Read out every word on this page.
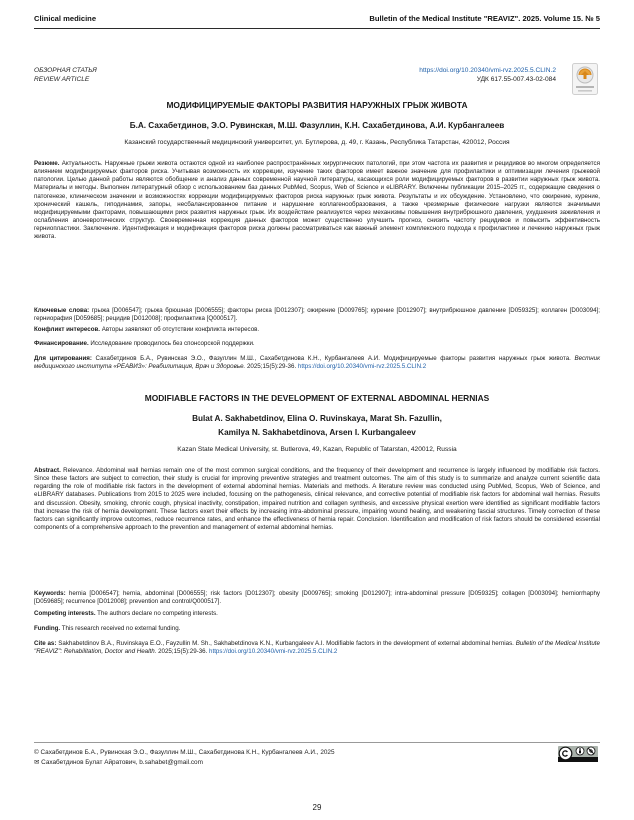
Clinical medicine	Bulletin of the Medical Institute "REAVIZ". 2025. Volume 15. № 5
ОБЗОРНАЯ СТАТЬЯ
REVIEW ARTICLE
https://doi.org/10.20340/vmi-rvz.2025.5.CLIN.2
УДК 617.55-007.43-02-084
МОДИФИЦИРУЕМЫЕ ФАКТОРЫ РАЗВИТИЯ НАРУЖНЫХ ГРЫЖ ЖИВОТА
Б.А. Сахабетдинов, Э.О. Рувинская, М.Ш. Фазуллин, К.Н. Сахабетдинова, А.И. Курбангалеев
Казанский государственный медицинский университет, ул. Бутлерова, д. 49, г. Казань, Республика Татарстан, 420012, Россия
Резюме. Актуальность. Наружные грыжи живота остаются одной из наиболее распространённых хирургических патологий, при этом частота их развития и рецидивов во многом определяется влиянием модифицируемых факторов риска. Учитывая возможность их коррекции, изучение таких факторов имеет важное значение для профилактики и оптимизации лечения грыжевой патологии. Целью данной работы являются обобщение и анализ данных современной научной литературы, касающихся роли модифицируемых факторов в развитии наружных грыж живота. Материалы и методы. Выполнен литературный обзор с использованием баз данных PubMed, Scopus, Web of Science и eLIBRARY. Включены публикации 2015–2025 гг., содержащие сведения о патогенезе, клиническом значении и возможностях коррекции модифицируемых факторов риска наружных грыж живота. Результаты и их обсуждение. Установлено, что ожирение, курение, хронический кашель, гиподинамия, запоры, несбалансированное питание и нарушение коллагенообразования, а также чрезмерные физические нагрузки являются значимыми модифицируемыми факторами, повышающими риск развития наружных грыж. Их воздействие реализуется через механизмы повышения внутрибрюшного давления, ухудшения заживления и ослабления апоневротических структур. Своевременная коррекция данных факторов может существенно улучшить прогноз, снизить частоту рецидивов и повысить эффективность герниопластики. Заключение. Идентификация и модификация факторов риска должны рассматриваться как важный элемент комплексного подхода к профилактике и лечению наружных грыж живота.
Ключевые слова: грыжа [D006547]; грыжа брюшная [D006555]; факторы риска [D012307]; ожирение [D009765]; курение [D012907]; внутрибрюшное давление [D059325]; коллаген [D003094]; герниорафия [D059685]; рецидив [D012008]; профилактика [Q000517].
Конфликт интересов. Авторы заявляют об отсутствии конфликта интересов.
Финансирование. Исследование проводилось без спонсорской поддержки.
Для цитирования: Сахабетдинов Б.А., Рувинская Э.О., Фазуллин М.Ш., Сахабетдинова К.Н., Курбангалеев А.И. Модифицируемые факторы развития наружных грыж живота. Вестник медицинского института «РЕАВИЗ»: Реабилитация, Врач и Здоровье. 2025;15(5):29-36. https://doi.org/10.20340/vmi-rvz.2025.5.CLIN.2
MODIFIABLE FACTORS IN THE DEVELOPMENT OF EXTERNAL ABDOMINAL HERNIAS
Bulat A. Sakhabetdinov, Elina O. Ruvinskaya, Marat Sh. Fazullin,
Kamilya N. Sakhabetdinova, Arsen I. Kurbangaleev
Kazan State Medical University, st. Butlerova, 49, Kazan, Republic of Tatarstan, 420012, Russia
Abstract. Relevance. Abdominal wall hernias remain one of the most common surgical conditions, and the frequency of their development and recurrence is largely influenced by modifiable risk factors. Since these factors are subject to correction, their study is crucial for improving preventive strategies and treatment outcomes. The aim of this study is to summarize and analyze current scientific data regarding the role of modifiable risk factors in the development of external abdominal hernias. Materials and methods. A literature review was conducted using PubMed, Scopus, Web of Science, and eLIBRARY databases. Publications from 2015 to 2025 were included, focusing on the pathogenesis, clinical relevance, and corrective potential of modifiable risk factors for abdominal wall hernias. Results and discussion. Obesity, smoking, chronic cough, physical inactivity, constipation, impaired nutrition and collagen synthesis, and excessive physical exertion were identified as significant modifiable factors that increase the risk of hernia development. These factors exert their effects by increasing intra-abdominal pressure, impairing wound healing, and weakening fascial structures. Timely correction of these factors can significantly improve outcomes, reduce recurrence rates, and enhance the effectiveness of hernia repair. Conclusion. Identification and modification of risk factors should be considered essential components of a comprehensive approach to the prevention and management of external abdominal hernias.
Keywords: hernia [D006547]; hernia, abdominal [D006555]; risk factors [D012307]; obesity [D009765]; smoking [D012907]; intra-abdominal pressure [D059325]; collagen [D003094]; herniorrhaphy [D059685]; recurrence [D012008]; prevention and control/Q000517].
Competing interests. The authors declare no competing interests.
Funding. This research received no external funding.
Cite as: Sakhabetdinov B.A., Ruvinskaya E.O., Fayzullin M. Sh., Sakhabetdinova K.N., Kurbangaleev A.I. Modifiable factors in the development of external abdominal hernias. Bulletin of the Medical Institute "REAVIZ": Rehabilitation, Doctor and Health. 2025;15(5):29-36. https://doi.org/10.20340/vmi-rvz.2025.5.CLIN.2
© Сахабетдинов Б.А., Рувинская Э.О., Фазуллин М.Ш., Сахабетдинова К.Н., Курбангалеев А.И., 2025
✉ Сахабетдинов Булат Айратович, b.sahabet@gmail.com
29
